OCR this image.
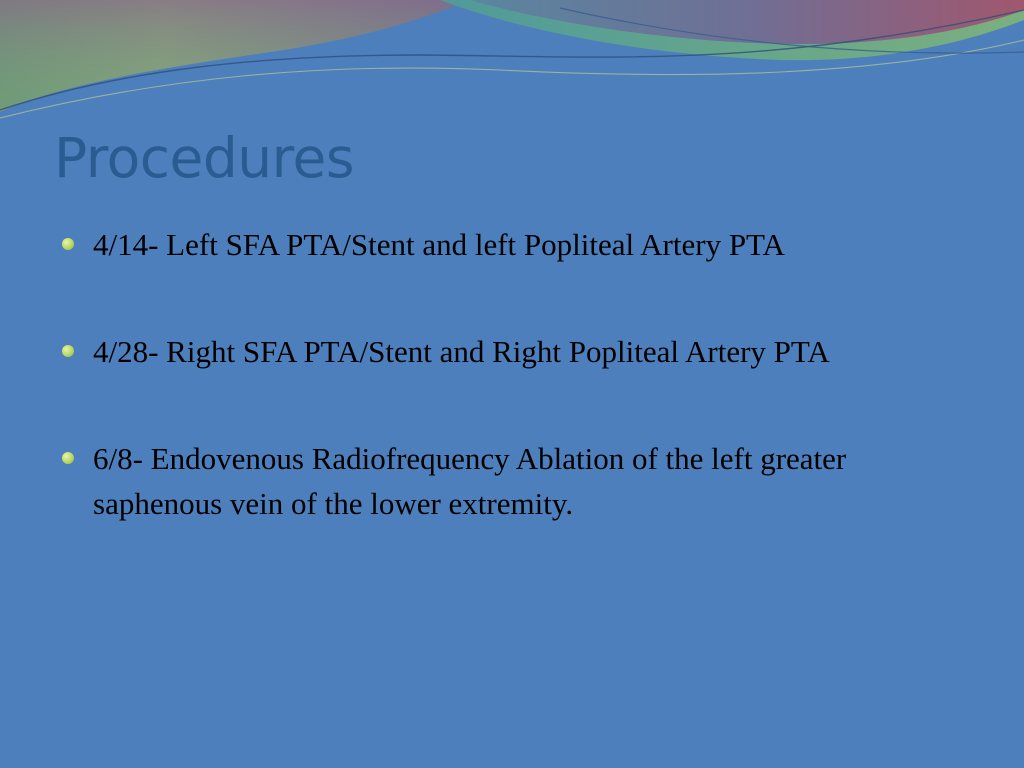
Procedures
4/14- Left SFA PTA/Stent and left Popliteal Artery PTA
4/28- Right SFA PTA/Stent and Right Popliteal Artery PTA
6/8- Endovenous Radiofrequency Ablation of the left greater saphenous vein of the lower extremity.
